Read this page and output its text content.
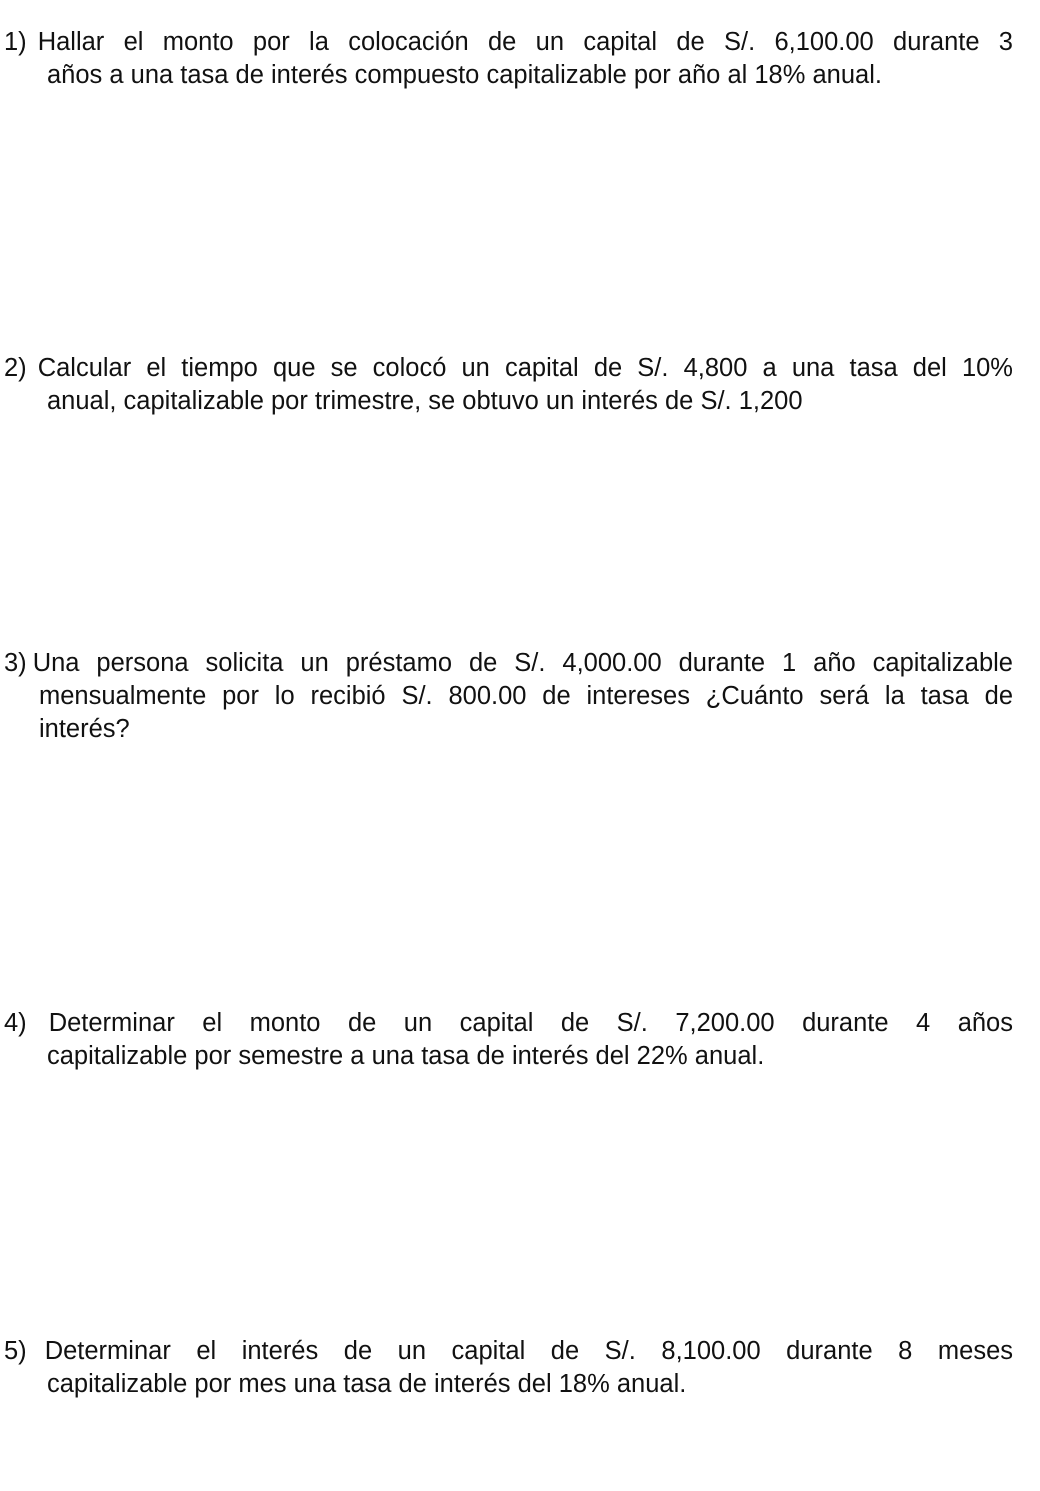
1) Hallar el monto por la colocación de un capital de S/. 6,100.00 durante 3
años a una tasa de interés compuesto capitalizable por año al 18% anual.
2) Calcular el tiempo que se colocó un capital de S/. 4,800 a una tasa del 10%
anual, capitalizable por trimestre, se obtuvo un interés de S/. 1,200
3) Una persona solicita un préstamo de S/. 4,000.00 durante 1 año capitalizable
mensualmente por lo recibió S/. 800.00 de intereses ¿Cuánto será la tasa de
interés?
4) Determinar el monto de un capital de S/. 7,200.00 durante 4 años
capitalizable por semestre a una tasa de interés del 22% anual.
5) Determinar el interés de un capital de S/. 8,100.00 durante 8 meses
capitalizable por mes una tasa de interés del 18% anual.
